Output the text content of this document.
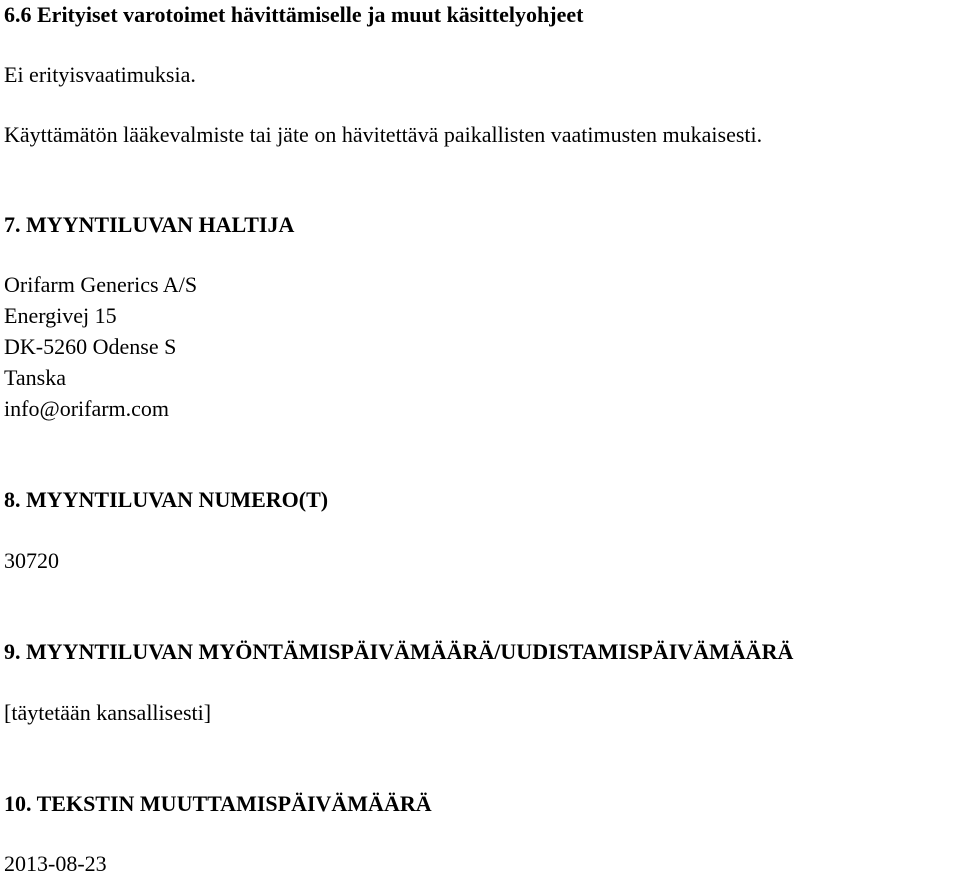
6.6 Erityiset varotoimet hävittämiselle ja muut käsittelyohjeet
Ei erityisvaatimuksia.
Käyttämätön lääkevalmiste tai jäte on hävitettävä paikallisten vaatimusten mukaisesti.
7. MYYNTILUVAN HALTIJA
Orifarm Generics A/S
Energivej 15
DK-5260 Odense S
Tanska
info@orifarm.com
8. MYYNTILUVAN NUMERO(T)
30720
9. MYYNTILUVAN MYÖNTÄMISPÄIVÄMÄÄRÄ/UUDISTAMISPÄIVÄMÄÄRÄ
[täytetään kansallisesti]
10. TEKSTIN MUUTTAMISPÄIVÄMÄÄRÄ
2013-08-23
